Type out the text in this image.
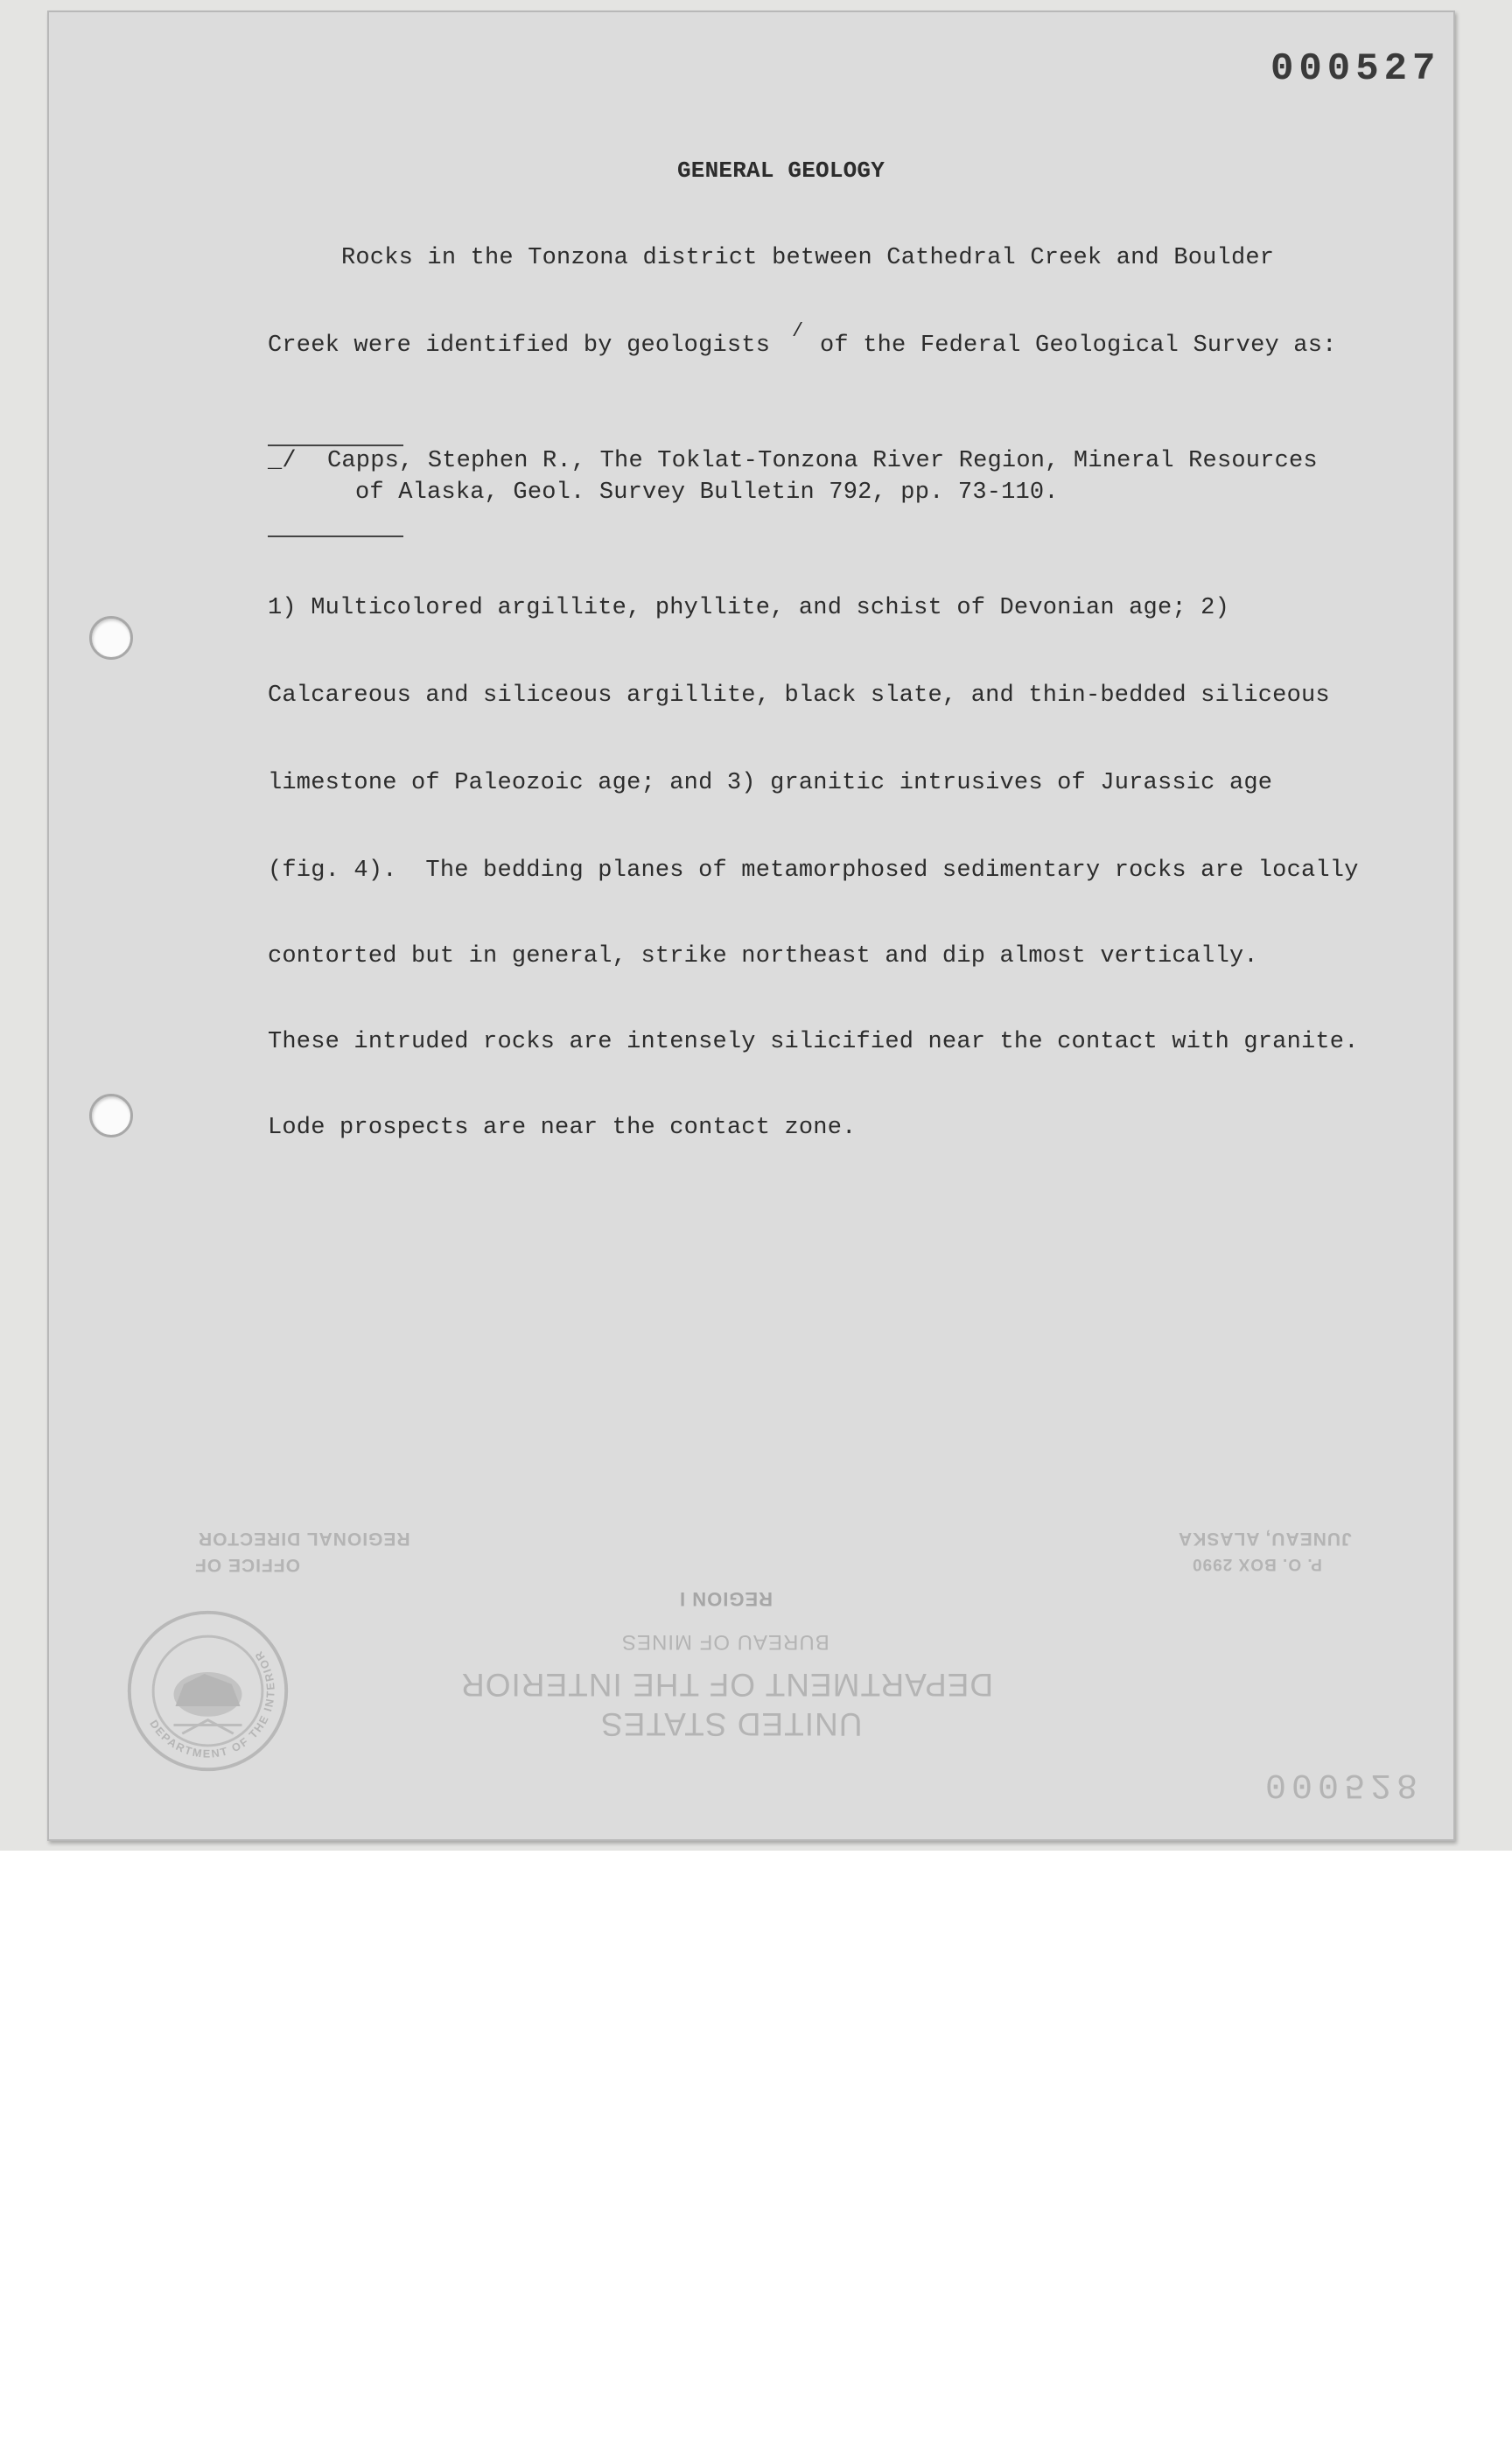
000527
GENERAL GEOLOGY
Rocks in the Tonzona district between Cathedral Creek and Boulder
Creek were identified by geologists
/
of the Federal Geological Survey as:
_/ Capps, Stephen R., The Toklat-Tonzona River Region, Mineral Resources
of Alaska, Geol. Survey Bulletin 792, pp. 73-110.
1) Multicolored argillite, phyllite, and schist of Devonian age; 2)
Calcareous and siliceous argillite, black slate, and thin-bedded siliceous
limestone of Paleozoic age; and 3) granitic intrusives of Jurassic age
(fig. 4).  The bedding planes of metamorphosed sedimentary rocks are locally
contorted but in general, strike northeast and dip almost vertically.
These intruded rocks are intensely silicified near the contact with granite.
Lode prospects are near the contact zone.
REGIONAL DIRECTOR
OFFICE OF
JUNEAU, ALASKA
P. O. BOX 2990
REGION I
BUREAU OF MINES
DEPARTMENT OF THE INTERIOR
UNITED STATES
000528
DEPARTMENT OF THE INTERIOR
